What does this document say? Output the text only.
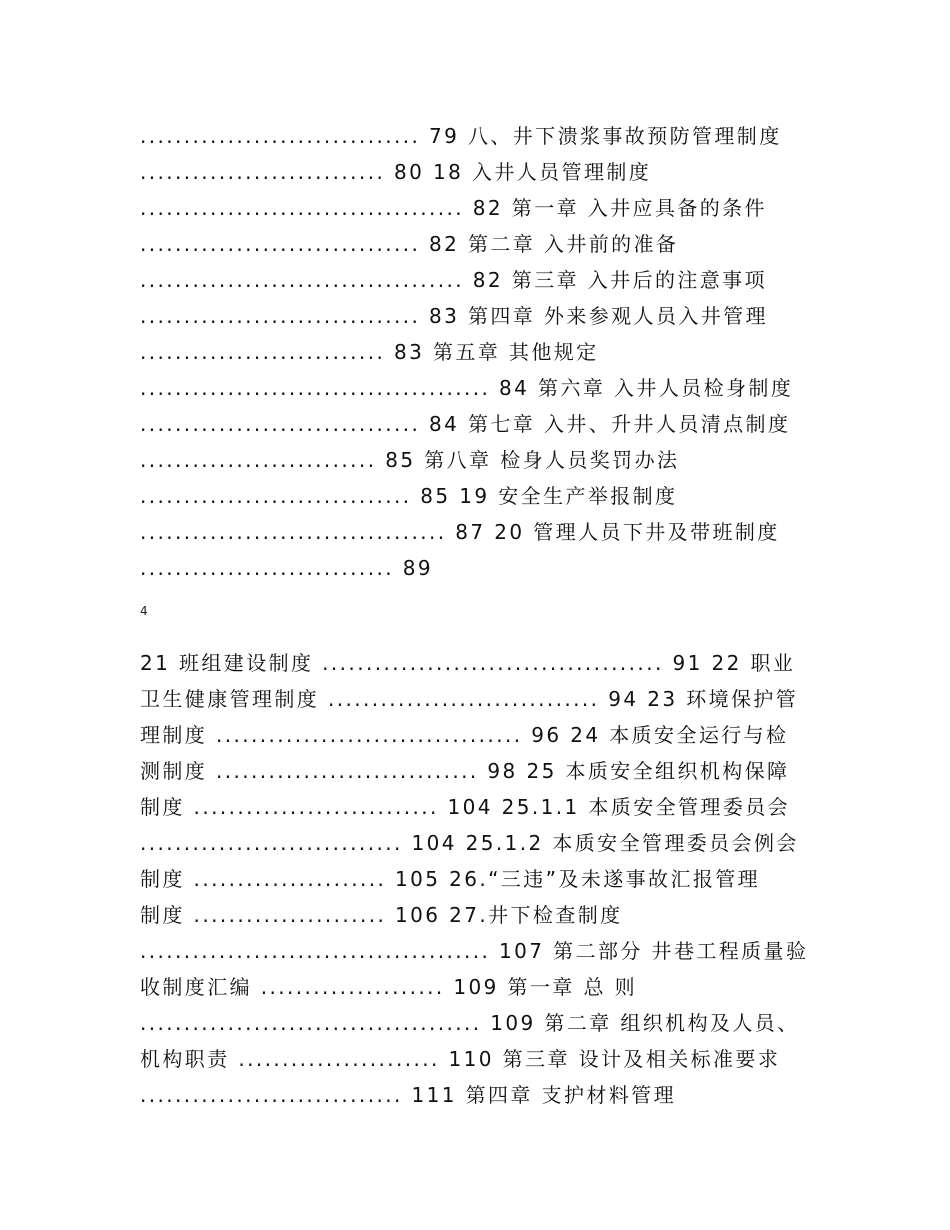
................................ 79 八、井下溃浆事故预防管理制度
............................ 80 18 入井人员管理制度
..................................... 82 第一章 入井应具备的条件
................................ 82 第二章 入井前的准备
..................................... 82 第三章 入井后的注意事项
................................ 83 第四章 外来参观人员入井管理
............................ 83 第五章 其他规定
........................................ 84 第六章 入井人员检身制度
................................ 84 第七章 入井、升井人员清点制度
........................... 85 第八章 检身人员奖罚办法
............................... 85 19 安全生产举报制度
................................... 87 20 管理人员下井及带班制度
............................. 89
4
21 班组建设制度 ....................................... 91 22 职业
卫生健康管理制度 ............................... 94 23 环境保护管
理制度 ................................... 96 24 本质安全运行与检
测制度 .............................. 98 25 本质安全组织机构保障
制度 ............................ 104 25.1.1 本质安全管理委员会
.............................. 104 25.1.2 本质安全管理委员会例会
制度 ...................... 105 26.“三违”及未遂事故汇报管理
制度 ...................... 106 27.井下检查制度
........................................ 107 第二部分 井巷工程质量验
收制度汇编 ..................... 109 第一章 总 则
....................................... 109 第二章 组织机构及人员、
机构职责 ....................... 110 第三章 设计及相关标准要求
.............................. 111 第四章 支护材料管理
